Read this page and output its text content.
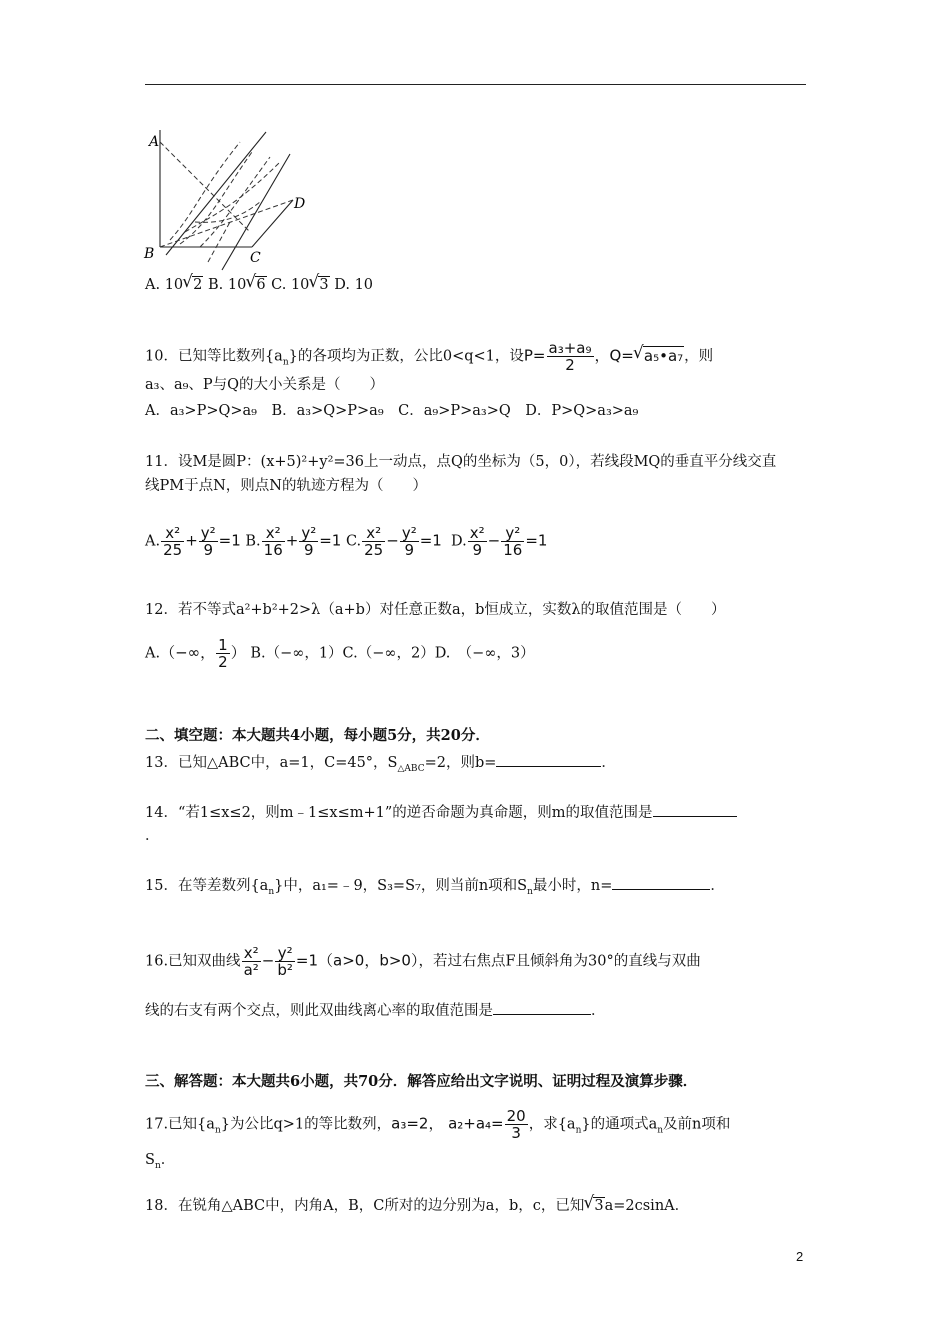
A
B	C
D
A. 10 √ 2 B. 10 √ 6 C. 10 √ 3 D. 10
10．已知等比数列$\{a_n\}$的各项均为正数，公比0<q<1，设$P= \frac{\text{a₃+a₉}}{2}$ ，Q= √ a₅•a₇，则
a₃、a₉、P与Q的大小关系是（　　）
A．a₃>P>Q>a₉　B．a₃>Q>P>a₉　C．a₉>P>a₃>Q　D．P>Q>a₃>a₉
11．设M是圆P：(x+5)²+y²=36上一动点，点Q的坐标为（5，0），若线段MQ的垂直平分线交直
线PM于点N，则点N的轨迹方程为（　　）
A. $\frac{\text{x²}}{25} + \frac{\text{y²}}{9} =1$ B. $\frac{\text{x²}}{16} + \frac{\text{y²}}{9} =1$ C. $\frac{\text{x²}}{25} - \frac{\text{y²}}{9} =1$ D. $\frac{\text{x²}}{9} - \frac{\text{y²}}{16} =1$
12．若不等式a²+b²+2>λ（a+b）对任意正数a，b恒成立，实数λ的取值范围是（　　）
A.（−∞， $\frac{1}{2}$ ） B.（−∞，1）C.（−∞，2）D.　（−∞，3）
二、填空题：本大题共4小题，每小题5分，共20分．
13．已知△ABC中，a=1，C=45°，$S_{\triangle ABC}=2$，则b=	．
14．“若1≤x≤2，则m﹣1≤x≤m+1”的逆否命题为真命题，则m的取值范围是
．
15．在等差数列$\{a_n\}$中，a₁=﹣9，S₃=S₇，则当前n项和$S_n$最小时，n=	．
16.已知双曲线 $\frac{\text{x²}}{\text{a²}} - \frac{\text{y²}}{\text{b²}} =1(a>0$，b>0），若过右焦点F且倾斜角为30°的直线与双曲
线的右支有两个交点，则此双曲线离心率的取值范围是	．
三、解答题：本大题共6小题，共70分．解答应给出文字说明、证明过程及演算步骤．
17.已知$\{a_n\}$为公比q>1的等比数列，a₃=2， $a_2+a_4= \frac{20}{3}$ ，求$\{a_n\}$的通项式$a_n$及前n项和
$S_n$．
18．在锐角△ABC中，内角A，B，C所对的边分别为a，b，c，已知 √ 3a=2csinA．
2
